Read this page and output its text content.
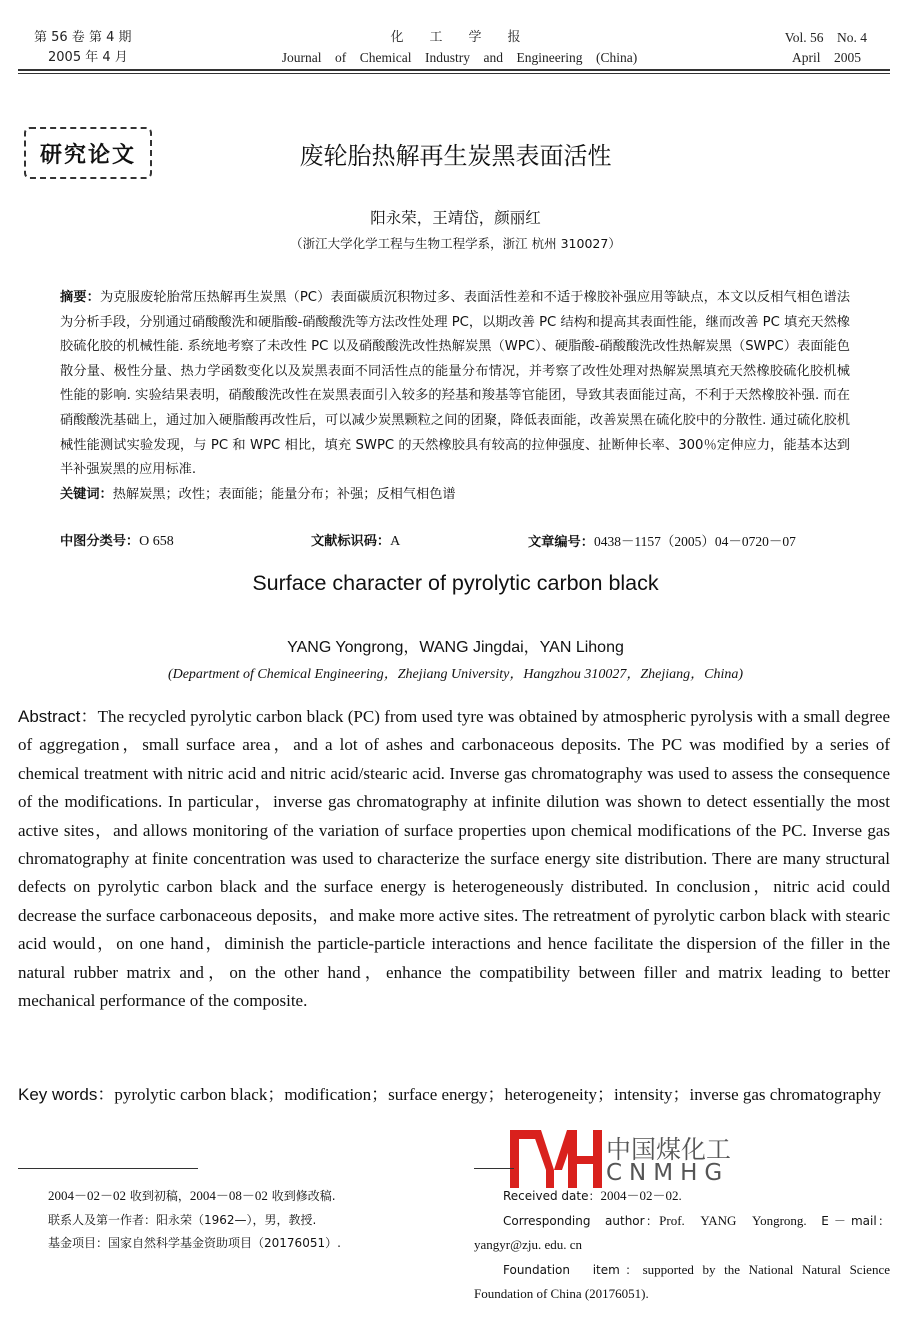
第 56 卷 第 4 期
2005 年 4 月
化　　工　　学　　报
Journal　of　Chemical　Industry　and　Engineering　(China)
Vol. 56　No. 4
April　2005
研究论文	废轮胎热解再生炭黑表面活性
阳永荣，王靖岱，颜丽红
（浙江大学化学工程与生物工程学系，浙江 杭州 310027）
摘要：为克服废轮胎常压热解再生炭黑（PC）表面碳质沉积物过多、表面活性差和不适于橡胶补强应用等缺点，本文以反相气相色谱法为分析手段，分别通过硝酸酸洗和硬脂酸-硝酸酸洗等方法改性处理 PC，以期改善 PC 结构和提高其表面性能，继而改善 PC 填充天然橡胶硫化胶的机械性能. 系统地考察了未改性 PC 以及硝酸酸洗改性热解炭黑（WPC）、硬脂酸-硝酸酸洗改性热解炭黑（SWPC）表面能色散分量、极性分量、热力学函数变化以及炭黑表面不同活性点的能量分布情况，并考察了改性处理对热解炭黑填充天然橡胶硫化胶机械性能的影响. 实验结果表明，硝酸酸洗改性在炭黑表面引入较多的羟基和羧基等官能团，导致其表面能过高，不利于天然橡胶补强. 而在硝酸酸洗基础上，通过加入硬脂酸再改性后，可以减少炭黑颗粒之间的团聚，降低表面能，改善炭黑在硫化胶中的分散性. 通过硫化胶机械性能测试实验发现，与 PC 和 WPC 相比，填充 SWPC 的天然橡胶具有较高的拉伸强度、扯断伸长率、300％定伸应力，能基本达到半补强炭黑的应用标准.
关键词：热解炭黑；改性；表面能；能量分布；补强；反相气相色谱
中图分类号：O 658	文献标识码：A	文章编号：0438－1157（2005）04－0720－07
Surface character of pyrolytic carbon black
YANG Yongrong，WANG Jingdai，YAN Lihong
(Department of Chemical Engineering，Zhejiang University，Hangzhou 310027，Zhejiang，China)
Abstract：The recycled pyrolytic carbon black (PC) from used tyre was obtained by atmospheric pyrolysis with a small degree of aggregation，small surface area，and a lot of ashes and carbonaceous deposits. The PC was modified by a series of chemical treatment with nitric acid and nitric acid/stearic acid. Inverse gas chromatography was used to assess the consequence of the modifications. In particular，inverse gas chromatography at infinite dilution was shown to detect essentially the most active sites，and allows monitoring of the variation of surface properties upon chemical modifications of the PC. Inverse gas chromatography at finite concentration was used to characterize the surface energy site distribution. There are many structural defects on pyrolytic carbon black and the surface energy is heterogeneously distributed. In conclusion，nitric acid could decrease the surface carbonaceous deposits，and make more active sites. The retreatment of pyrolytic carbon black with stearic acid would，on one hand，diminish the particle-particle interactions and hence facilitate the dispersion of the filler in the natural rubber matrix and，on the other hand，enhance the compatibility between filler and matrix leading to better mechanical performance of the composite.
Key words：pyrolytic carbon black；modification；surface energy；heterogeneity；intensity；inverse gas chromatography
中国煤化工
CNMHG
2004－02－02 收到初稿，2004－08－02 收到修改稿.
联系人及第一作者：阳永荣（1962—），男，教授.
基金项目：国家自然科学基金资助项目（20176051）.

Received date：2004－02－02.

Corresponding　author：Prof.　YANG　Yongrong.　 E － mail： yangyr@zju. edu. cn

Foundation　item：supported by the National Natural Science Foundation of China (20176051).
